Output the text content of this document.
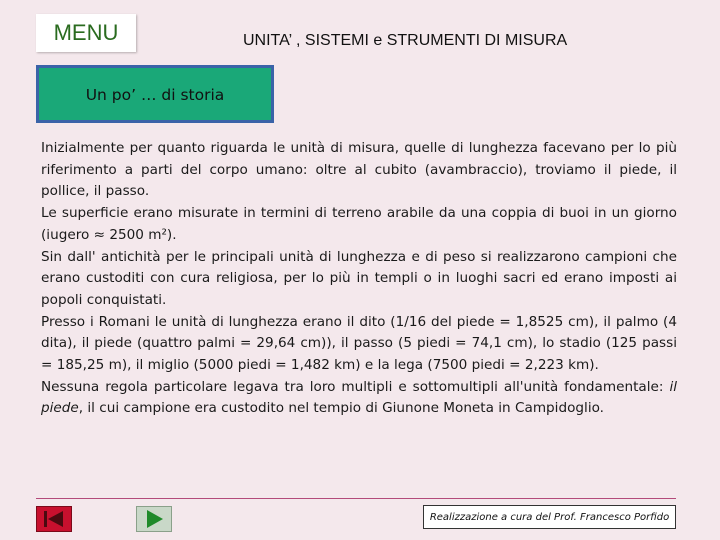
MENU	UNITA’ , SISTEMI e STRUMENTI DI MISURA
Un po’ … di storia

Inizialmente per quanto riguarda le unità di misura, quelle di lunghezza facevano per lo più riferimento a parti del corpo umano: oltre al cubito (avambraccio), troviamo il piede, il pollice, il passo.

Le superficie erano misurate in termini di terreno arabile da una coppia di buoi in un giorno (iugero ≈ 2500 m²).

Sin dall' antichità per le principali unità di lunghezza e di peso si realizzarono campioni che erano custoditi con cura religiosa, per lo più in templi o in luoghi sacri ed erano imposti ai popoli conquistati.

Presso i Romani le unità di lunghezza erano il dito (1/16 del piede = 1,8525 cm), il palmo (4 dita), il piede (quattro palmi = 29,64 cm)), il passo (5 piedi = 74,1 cm), lo stadio (125 passi = 185,25 m), il miglio (5000 piedi = 1,482 km) e la lega (7500 piedi = 2,223 km).

Nessuna regola particolare legava tra loro multipli e sottomultipli all'unità fondamentale: il piede, il cui campione era custodito nel tempio di Giunone Moneta in Campidoglio.

Realizzazione a cura del Prof. Francesco Porfido
